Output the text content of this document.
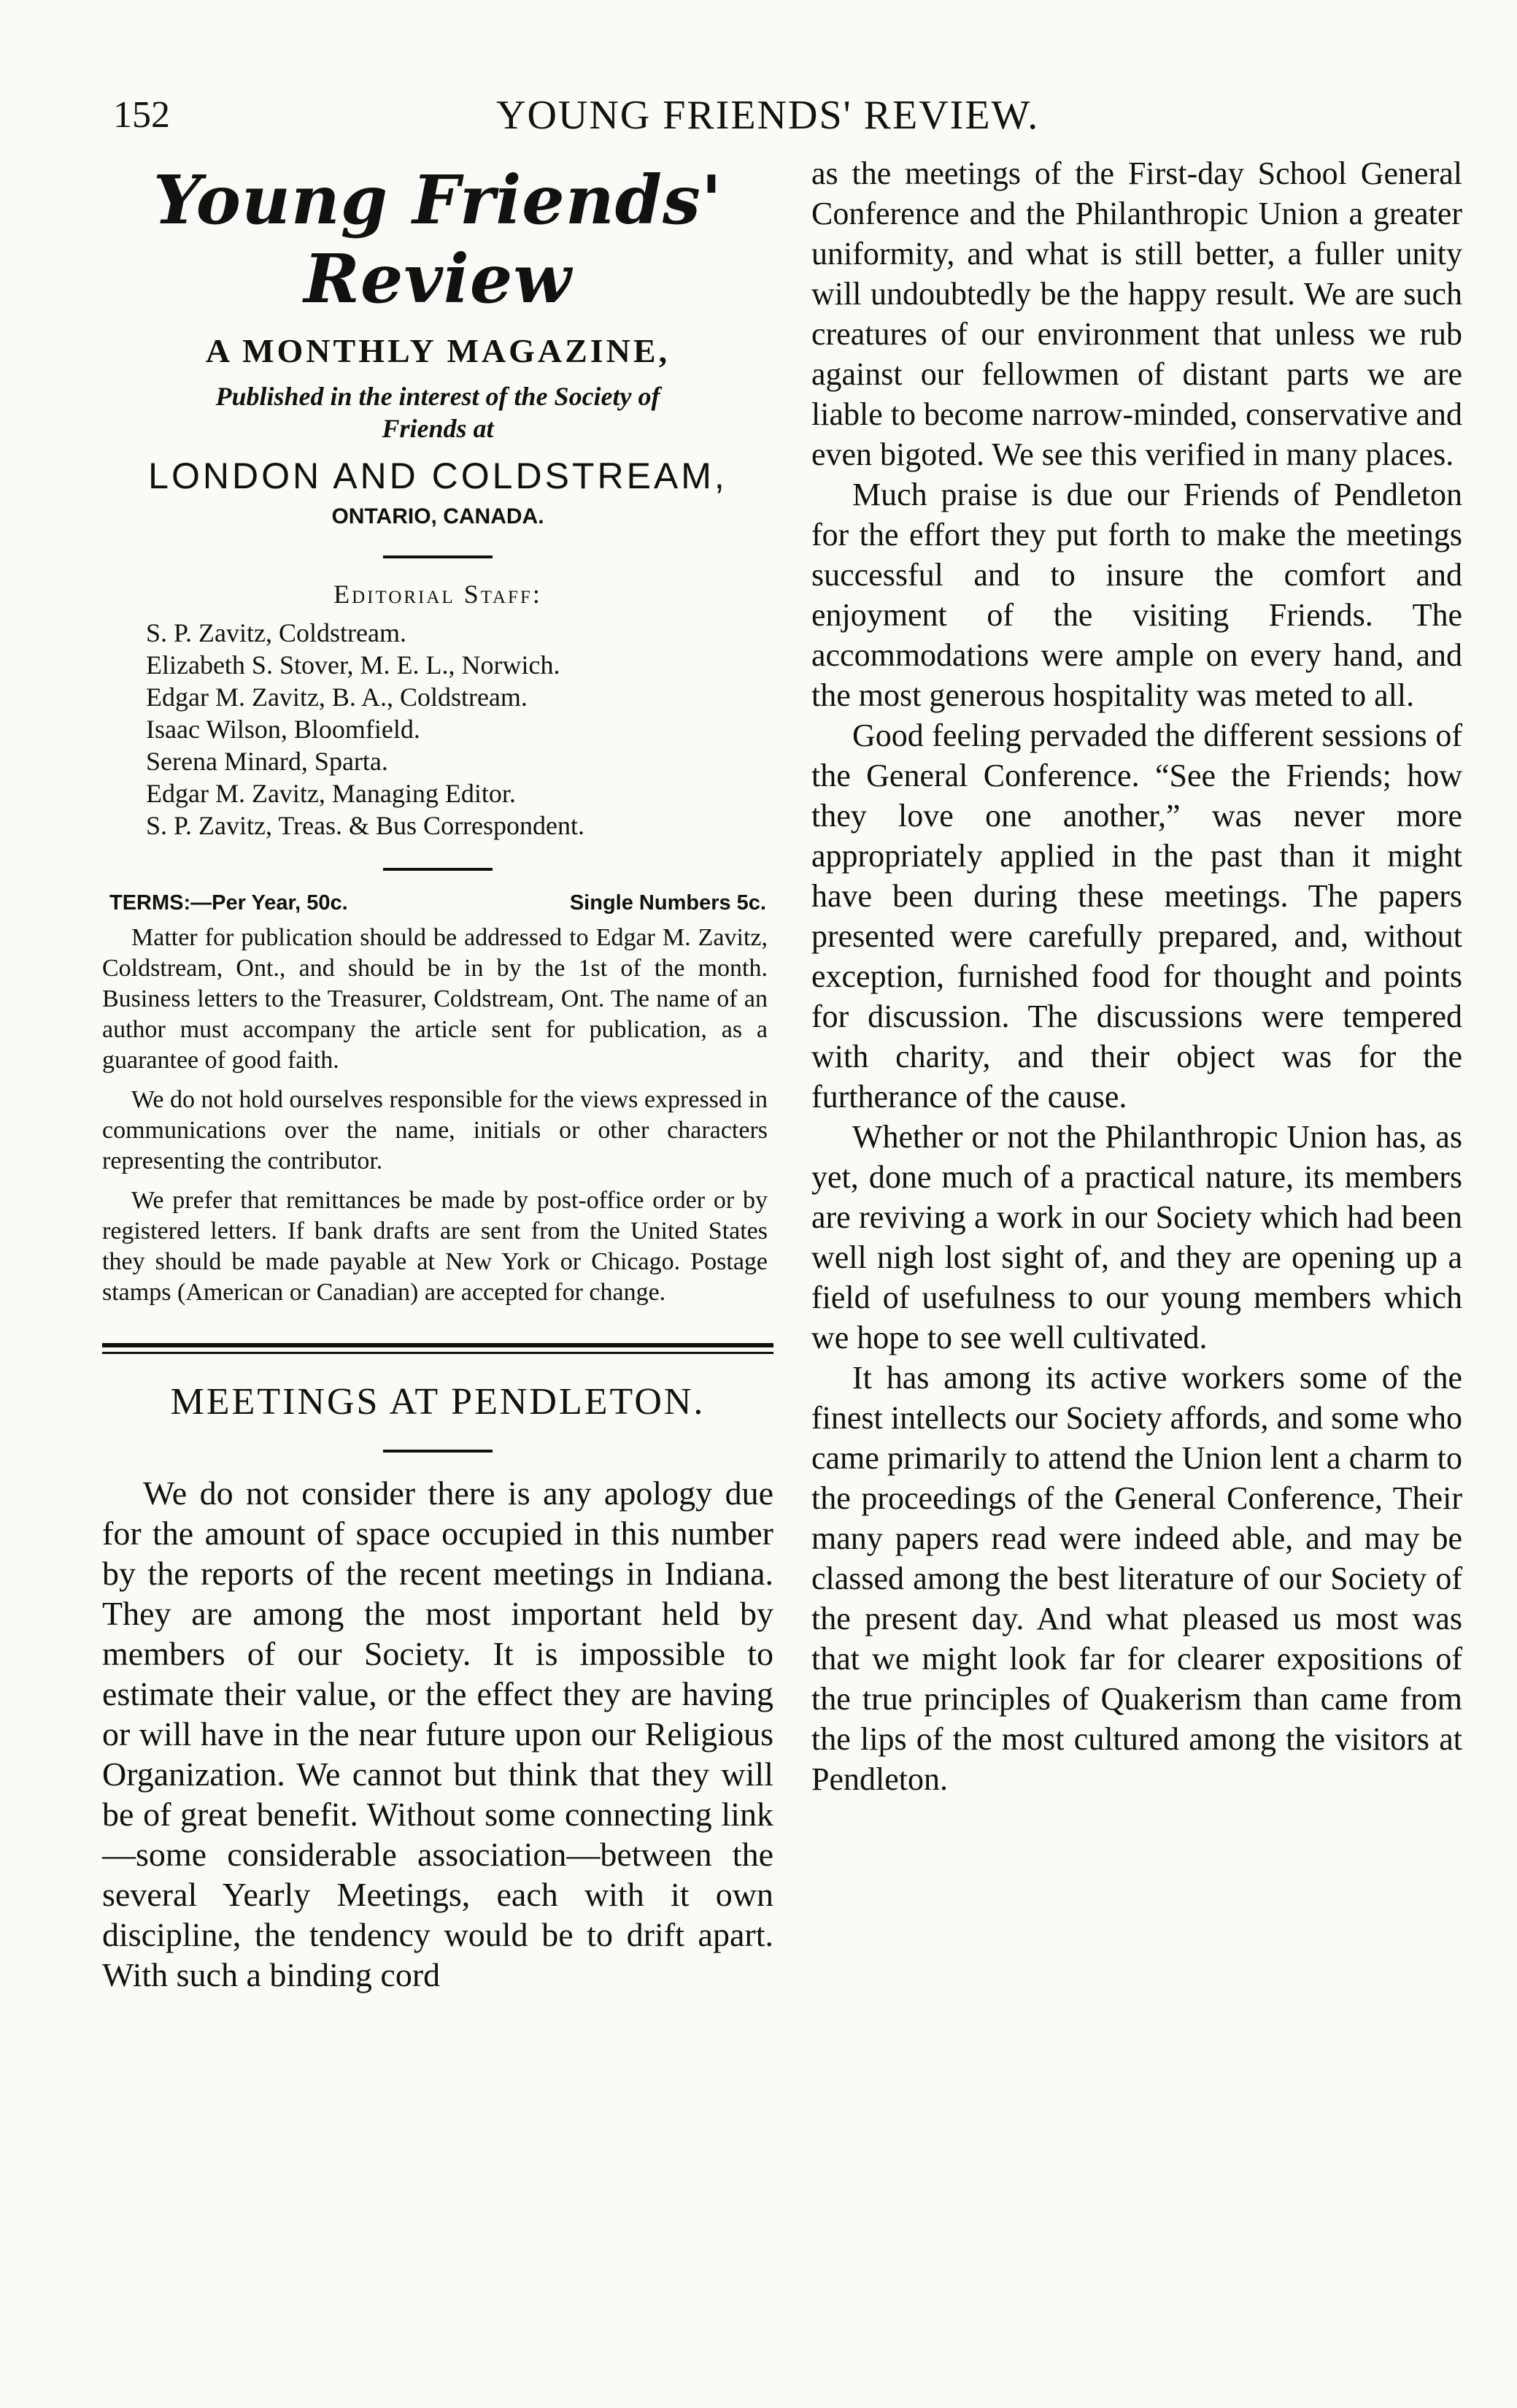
152	YOUNG FRIENDS' REVIEW.
Young Friends' Review
A MONTHLY MAGAZINE,
Published in the interest of the Society of
Friends at
LONDON AND COLDSTREAM,
ONTARIO, CANADA.
Editorial Staff:
S. P. Zavitz, Coldstream.
Elizabeth S. Stover, M. E. L., Norwich.
Edgar M. Zavitz, B. A., Coldstream.
Isaac Wilson, Bloomfield.
Serena Minard, Sparta.
Edgar M. Zavitz, Managing Editor.
S. P. Zavitz, Treas. & Bus Correspondent.
TERMS:—Per Year, 50c.	Single Numbers 5c.

Matter for publication should be addressed to Edgar M. Zavitz, Coldstream, Ont., and should be in by the 1st of the month. Business letters to the Treasurer, Coldstream, Ont. The name of an author must accompany the article sent for publication, as a guarantee of good faith.

We do not hold ourselves responsible for the views expressed in communications over the name, initials or other characters representing the contributor.

We prefer that remittances be made by post-office order or by registered letters. If bank drafts are sent from the United States they should be made payable at New York or Chicago. Postage stamps (American or Canadian) are accepted for change.

MEETINGS AT PENDLETON.

We do not consider there is any apology due for the amount of space occupied in this number by the reports of the recent meetings in Indiana. They are among the most important held by members of our Society. It is impossible to estimate their value, or the effect they are having or will have in the near future upon our Religious Organization. We cannot but think that they will be of great benefit. Without some connecting link—some considerable association—between the several Yearly Meetings, each with it own discipline, the tendency would be to drift apart. With such a binding cord

as the meetings of the First-day School General Conference and the Philanthropic Union a greater uniformity, and what is still better, a fuller unity will undoubtedly be the happy result. We are such creatures of our environment that unless we rub against our fellowmen of distant parts we are liable to become narrow-minded, conservative and even bigoted. We see this verified in many places.

Much praise is due our Friends of Pendleton for the effort they put forth to make the meetings successful and to insure the comfort and enjoyment of the visiting Friends. The accommodations were ample on every hand, and the most generous hospitality was meted to all.

Good feeling pervaded the different sessions of the General Conference. “See the Friends; how they love one another,” was never more appropriately applied in the past than it might have been during these meetings. The papers presented were carefully prepared, and, without exception, furnished food for thought and points for discussion. The discussions were tempered with charity, and their object was for the furtherance of the cause.

Whether or not the Philanthropic Union has, as yet, done much of a practical nature, its members are reviving a work in our Society which had been well nigh lost sight of, and they are opening up a field of usefulness to our young members which we hope to see well cultivated.

It has among its active workers some of the finest intellects our Society affords, and some who came primarily to attend the Union lent a charm to the proceedings of the General Conference, Their many papers read were indeed able, and may be classed among the best literature of our Society of the present day. And what pleased us most was that we might look far for clearer expositions of the true principles of Quakerism than came from the lips of the most cultured among the visitors at Pendleton.
